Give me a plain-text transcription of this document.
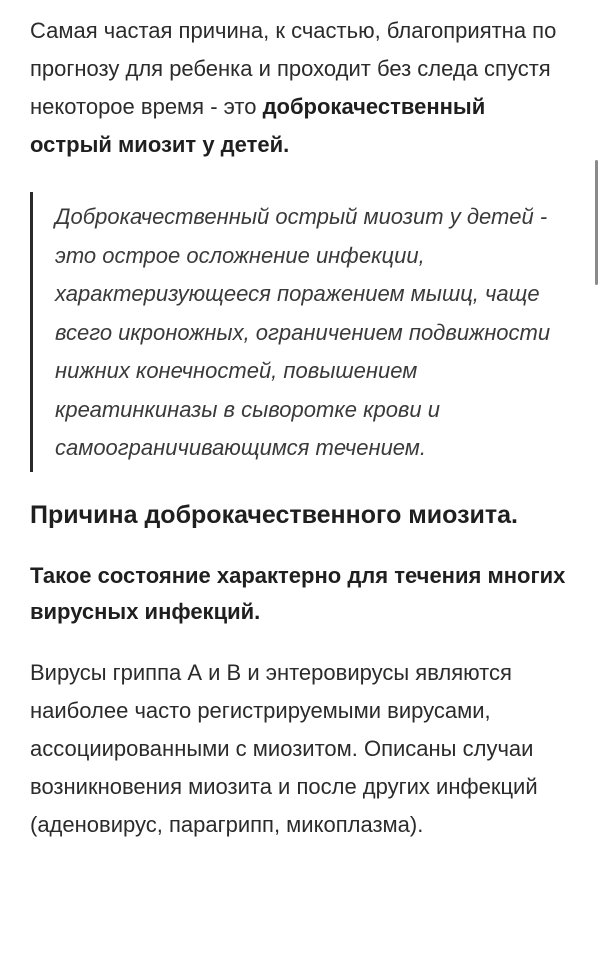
Самая частая причина, к счастью, благоприятна по прогнозу для ребенка и проходит без следа спустя некоторое время - это доброкачественный острый миозит у детей.

Доброкачественный острый миозит у детей - это острое осложнение инфекции, характеризующееся поражением мышц, чаще всего икроножных, ограничением подвижности нижних конечностей, повышением креатинкиназы в сыворотке крови и самоограничивающимся течением.

Причина доброкачественного миозита.
Такое состояние характерно для течения многих вирусных инфекций.

Вирусы гриппа А и В и энтеровирусы являются наиболее часто регистрируемыми вирусами, ассоциированными с миозитом. Описаны случаи возникновения миозита и после других инфекций (аденовирус, парагрипп, микоплазма).
